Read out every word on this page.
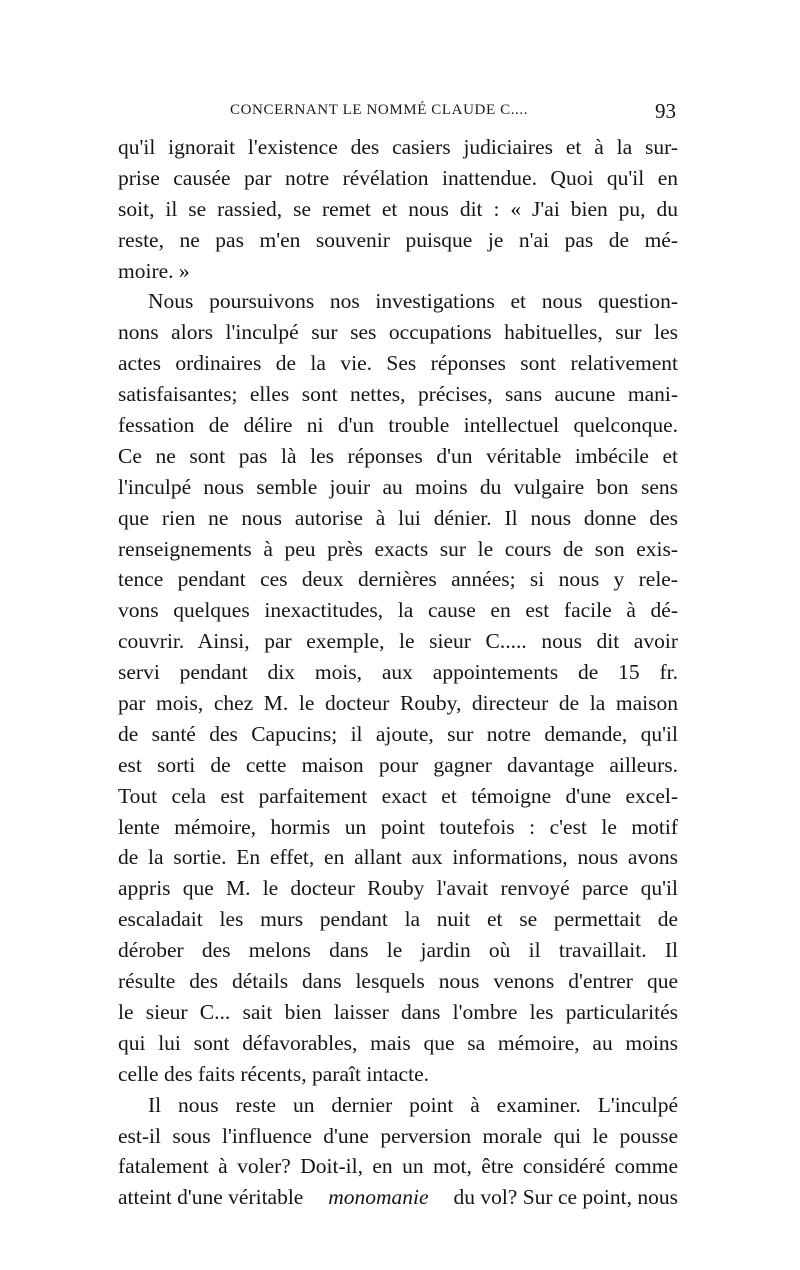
CONCERNANT LE NOMMÉ CLAUDE C....	93
qu'il ignorait l'existence des casiers judiciaires et à la sur-
prise causée par notre révélation inattendue. Quoi qu'il en
soit, il se rassied, se remet et nous dit : « J'ai bien pu, du
reste, ne pas m'en souvenir puisque je n'ai pas de mé-
moire. »
Nous poursuivons nos investigations et nous question-
nons alors l'inculpé sur ses occupations habituelles, sur les
actes ordinaires de la vie. Ses réponses sont relativement
satisfaisantes; elles sont nettes, précises, sans aucune mani-
fessation de délire ni d'un trouble intellectuel quelconque.
Ce ne sont pas là les réponses d'un véritable imbécile et
l'inculpé nous semble jouir au moins du vulgaire bon sens
que rien ne nous autorise à lui dénier. Il nous donne des
renseignements à peu près exacts sur le cours de son exis-
tence pendant ces deux dernières années; si nous y rele-
vons quelques inexactitudes, la cause en est facile à dé-
couvrir. Ainsi, par exemple, le sieur C..... nous dit avoir
servi pendant dix mois, aux appointements de 15 fr.
par mois, chez M. le docteur Rouby, directeur de la maison
de santé des Capucins; il ajoute, sur notre demande, qu'il
est sorti de cette maison pour gagner davantage ailleurs.
Tout cela est parfaitement exact et témoigne d'une excel-
lente mémoire, hormis un point toutefois : c'est le motif
de la sortie. En effet, en allant aux informations, nous avons
appris que M. le docteur Rouby l'avait renvoyé parce qu'il
escaladait les murs pendant la nuit et se permettait de
dérober des melons dans le jardin où il travaillait. Il
résulte des détails dans lesquels nous venons d'entrer que
le sieur C... sait bien laisser dans l'ombre les particularités
qui lui sont défavorables, mais que sa mémoire, au moins
celle des faits récents, paraît intacte.
Il nous reste un dernier point à examiner. L'inculpé
est-il sous l'influence d'une perversion morale qui le pousse
fatalement à voler? Doit-il, en un mot, être considéré comme
atteint d'une véritable monomanie du vol? Sur ce point, nous
